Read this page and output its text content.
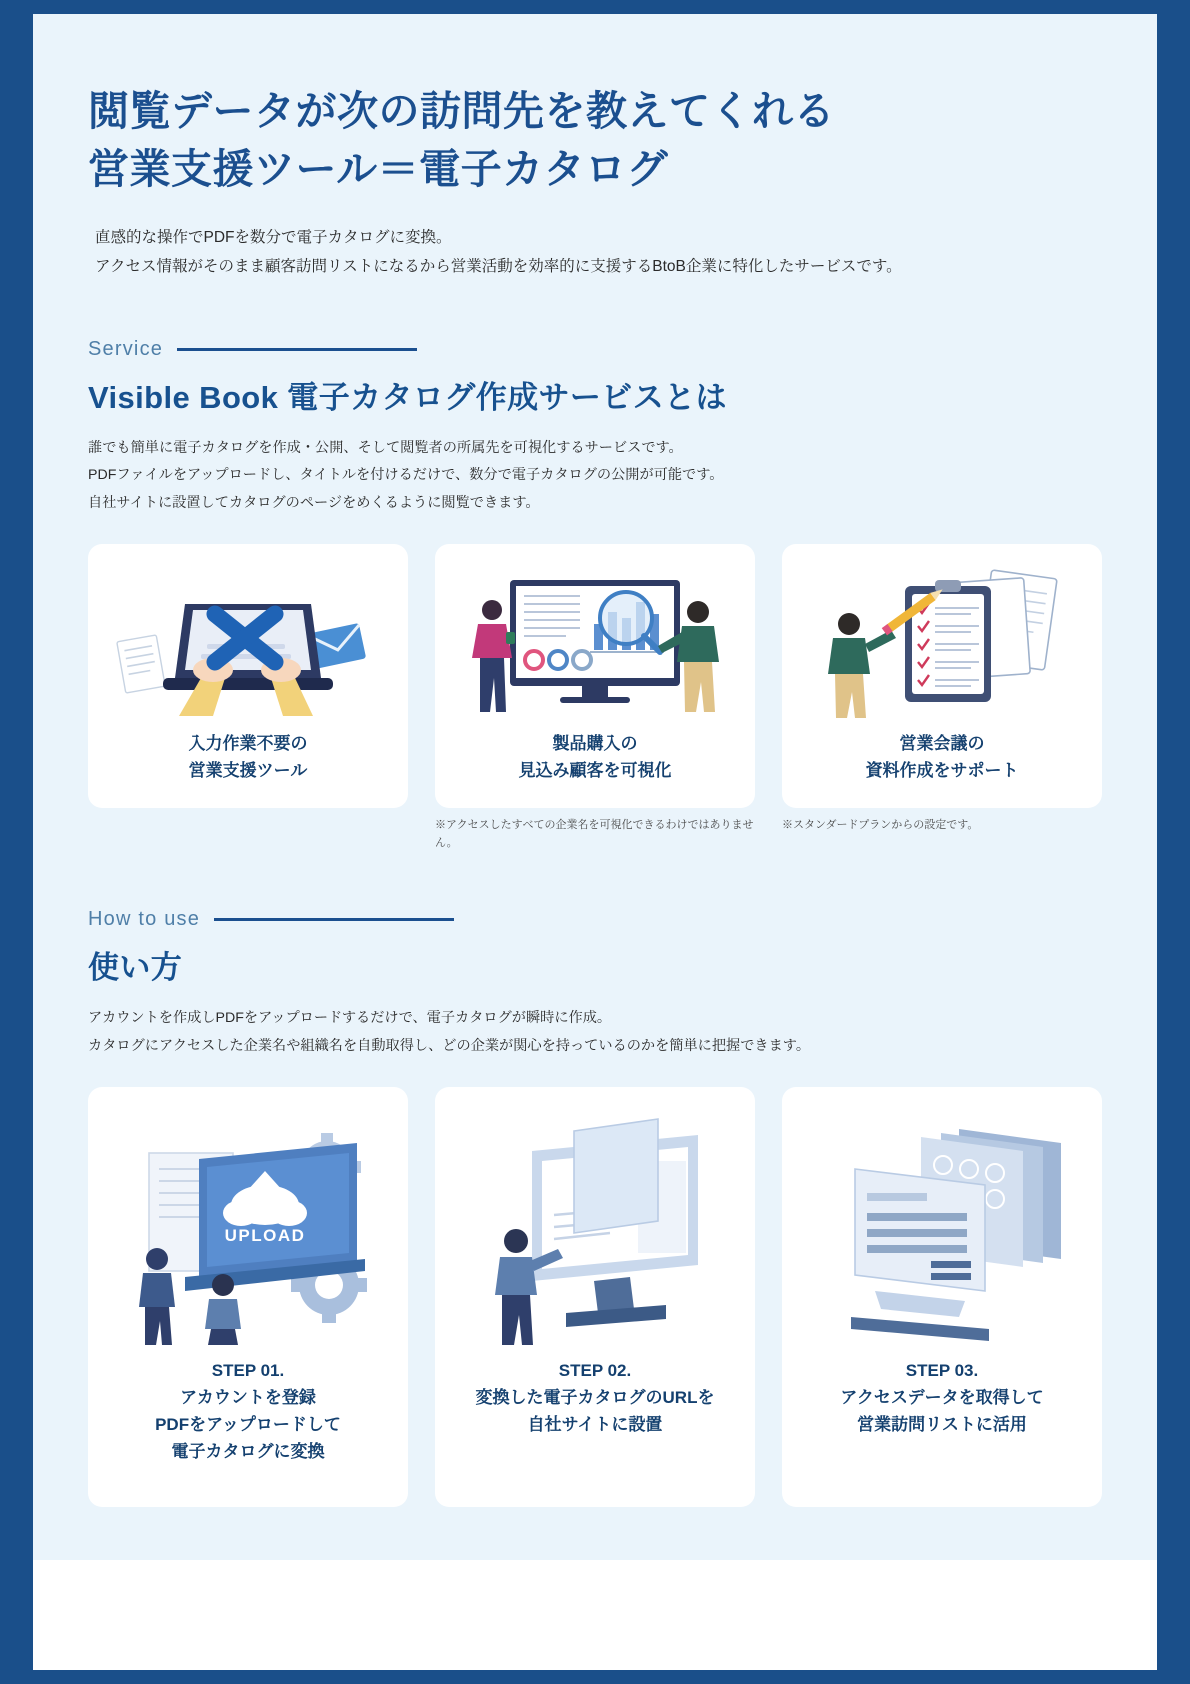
閲覧データが次の訪問先を教えてくれる
営業支援ツール＝電子カタログ

直感的な操作でPDFを数分で電子カタログに変換。
アクセス情報がそのまま顧客訪問リストになるから営業活動を効率的に支援するBtoB企業に特化したサービスです。

Service
Visible Book 電子カタログ作成サービスとは

誰でも簡単に電子カタログを作成・公開、そして閲覧者の所属先を可視化するサービスです。
PDFファイルをアップロードし、タイトルを付けるだけで、数分で電子カタログの公開が可能です。
自社サイトに設置してカタログのページをめくるように閲覧できます。

入力作業不要の
営業支援ツール
製品購入の
見込み顧客を可視化
営業会議の
資料作成をサポート
※アクセスしたすべての企業名を可視化できるわけではありません。
※スタンダードプランからの設定です。
How to use
使い方

アカウントを作成しPDFをアップロードするだけで、電子カタログが瞬時に作成。
カタログにアクセスした企業名や組織名を自動取得し、どの企業が関心を持っているのかを簡単に把握できます。

UPLOAD
STEP 01.
アカウントを登録
PDFをアップロードして
電子カタログに変換
STEP 02.
変換した電子カタログのURLを
自社サイトに設置
STEP 03.
アクセスデータを取得して
営業訪問リストに活用
